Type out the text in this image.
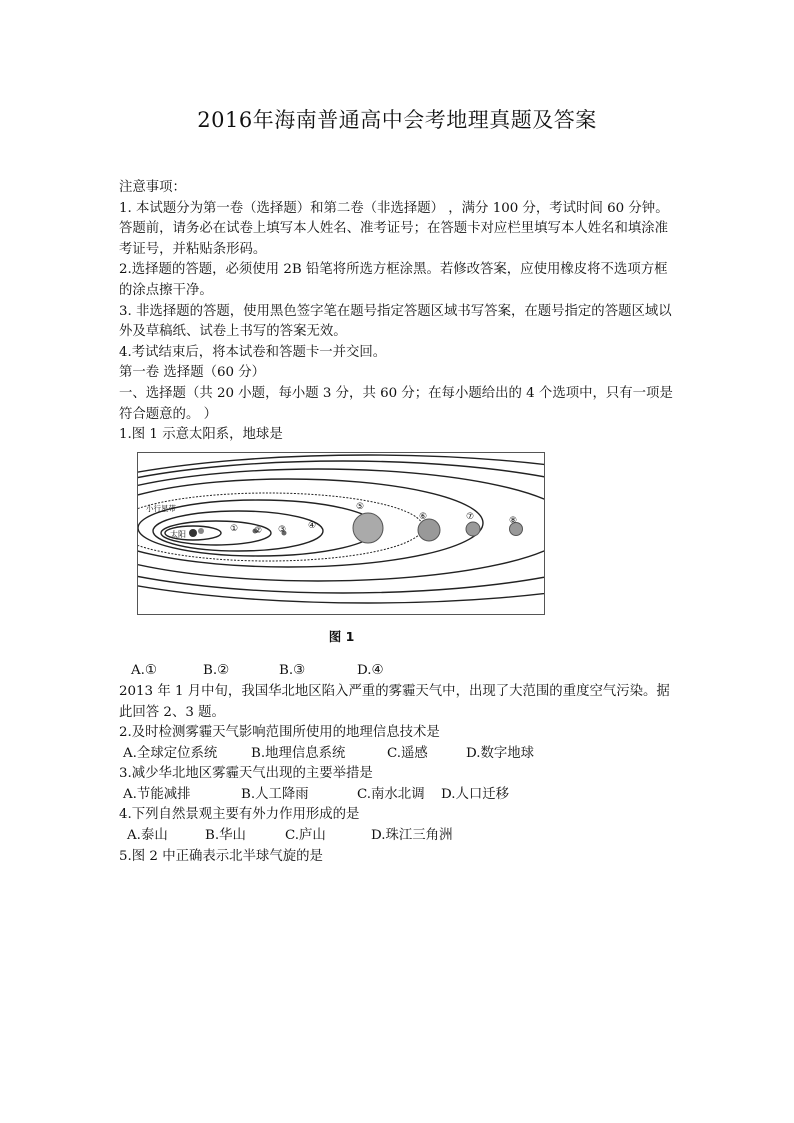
2016年海南普通高中会考地理真题及答案

注意事项：

1. 本试题分为第一卷（选择题）和第二卷（非选择题） ，满分 100 分，考试时间 60 分钟。

答题前，请务必在试卷上填写本人姓名、准考证号；在答题卡对应栏里填写本人姓名和填涂准考证号，并粘贴条形码。

2.选择题的答题，必须使用 2B 铅笔将所选方框涂黑。若修改答案，应使用橡皮将不选项方框的涂点擦干净。

3. 非选择题的答题，使用黑色签字笔在题号指定答题区域书写答案，在题号指定的答题区域以外及草稿纸、试卷上书写的答案无效。

4.考试结束后，将本试卷和答题卡一并交回。

第一卷 选择题（60 分）

一、选择题（共 20 小题，每小题 3 分，共 60 分；在每小题给出的 4 个选项中，只有一项是符合题意的。 ）

1.图 1 示意太阳系，地球是

太阳
小行星带
① ② ③ ④
⑤
⑥	⑦	⑧
图 1
A.①	B.②	B.③	D.④

2013 年 1 月中旬，我国华北地区陷入严重的雾霾天气中，出现了大范围的重度空气污染。据此回答 2、3 题。

2.及时检测雾霾天气影响范围所使用的地理信息技术是

A.全球定位系统	B.地理信息系统	C.遥感	D.数字地球

3.减少华北地区雾霾天气出现的主要举措是

A.节能减排	B.人工降雨	C.南水北调	D.人口迁移

4.下列自然景观主要有外力作用形成的是

A.泰山	B.华山	C.庐山	D.珠江三角洲

5.图 2 中正确表示北半球气旋的是
